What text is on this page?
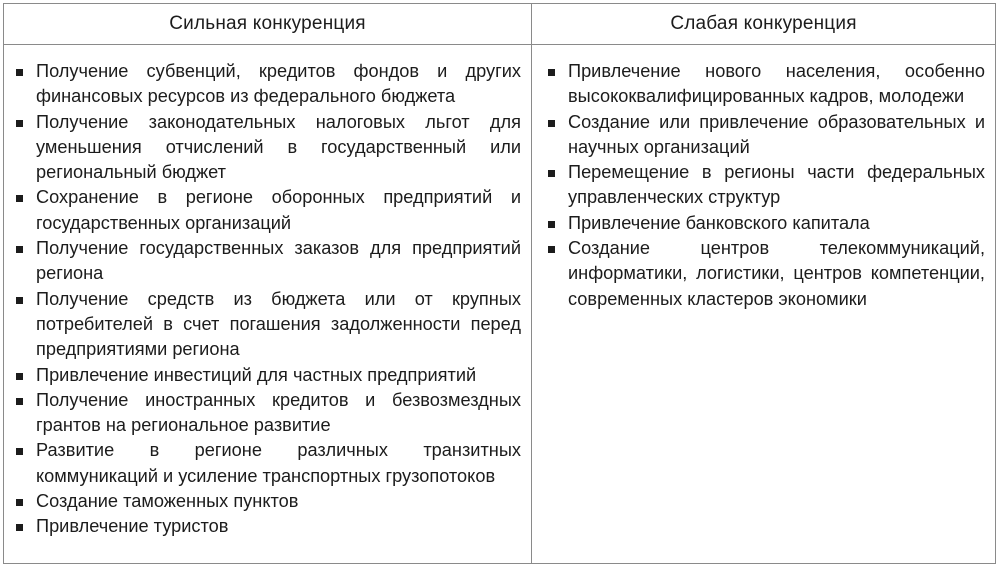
Сильная конкуренция	Слабая конкуренция
Получение субвенций, кредитов фондов и других финансовых ресурсов из федерального бюджета
Получение законодательных налоговых льгот для уменьшения отчислений в государственный или региональный бюджет
Сохранение в регионе оборонных предприятий и государственных организаций
Получение государственных заказов для предприятий региона
Получение средств из бюджета или от крупных потребителей в счет погашения задолженности перед предприятиями региона
Привлечение инвестиций для частных предприятий
Получение иностранных кредитов и безвозмездных грантов на региональное развитие
Развитие в регионе различных транзитных коммуникаций и усиление транспортных грузопотоков
Создание таможенных пунктов
Привлечение туристов
Привлечение нового населения, особенно высококвалифицированных кадров, молодежи
Создание или привлечение образовательных и научных организаций
Перемещение в регионы части федеральных управленческих структур
Привлечение банковского капитала
Создание центров телекоммуникаций, информатики, логистики, центров компетенции, современных кластеров экономики
